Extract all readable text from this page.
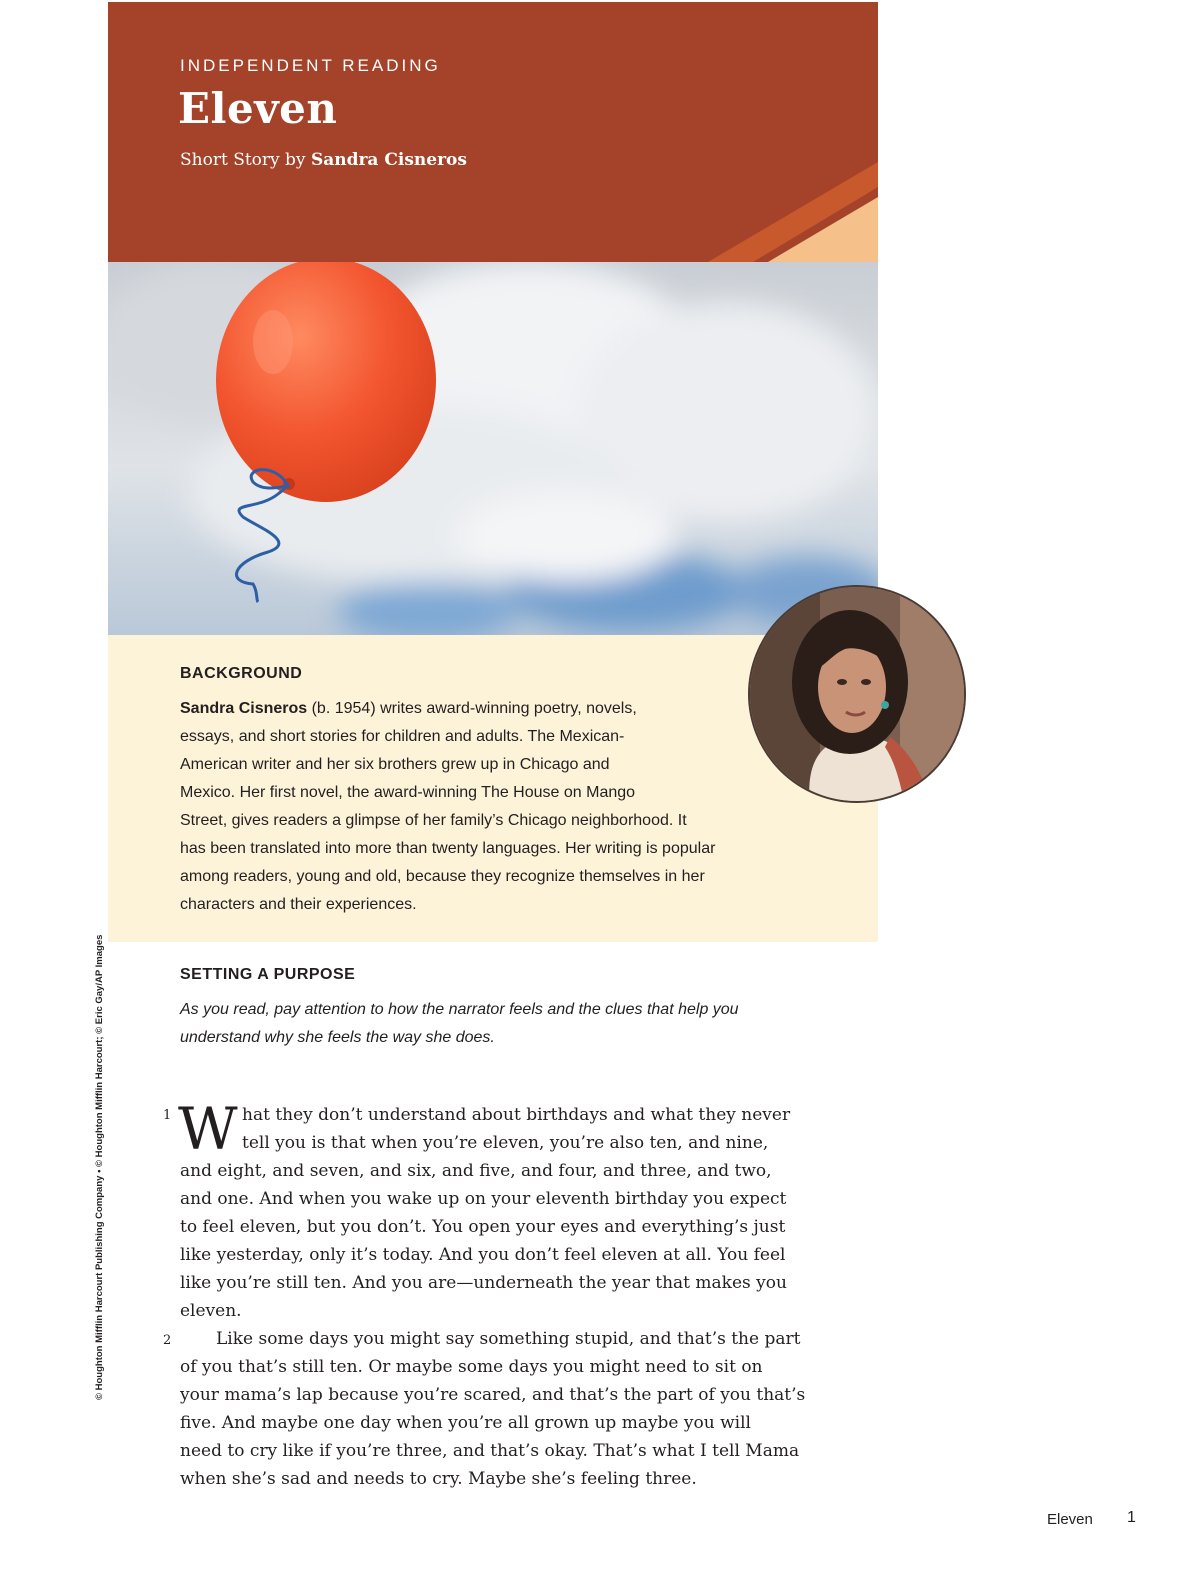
INDEPENDENT READING
Eleven
Short Story by Sandra Cisneros
BACKGROUND
Sandra Cisneros (b. 1954) writes award-winning poetry, novels,
essays, and short stories for children and adults. The Mexican-
American writer and her six brothers grew up in Chicago and
Mexico. Her first novel, the award-winning The House on Mango
Street, gives readers a glimpse of her family’s Chicago neighborhood. It
has been translated into more than twenty languages. Her writing is popular
among readers, young and old, because they recognize themselves in her
characters and their experiences.
SETTING A PURPOSE
As you read, pay attention to how the narrator feels and the clues that help you
understand why she feels the way she does.
1 W hat they don’t understand about birthdays and what they never
tell you is that when you’re eleven, you’re also ten, and nine,
and eight, and seven, and six, and five, and four, and three, and two,
and one. And when you wake up on your eleventh birthday you expect
to feel eleven, but you don’t. You open your eyes and everything’s just
like yesterday, only it’s today. And you don’t feel eleven at all. You feel
like you’re still ten. And you are—underneath the year that makes you
eleven.
2	Like some days you might say something stupid, and that’s the part
of you that’s still ten. Or maybe some days you might need to sit on
your mama’s lap because you’re scared, and that’s the part of you that’s
five. And maybe one day when you’re all grown up maybe you will
need to cry like if you’re three, and that’s okay. That’s what I tell Mama
when she’s sad and needs to cry. Maybe she’s feeling three.
© Houghton Mifflin Harcourt Publishing Company • © Houghton Mifflin Harcourt; © Eric Gay/AP Images
Eleven 1
